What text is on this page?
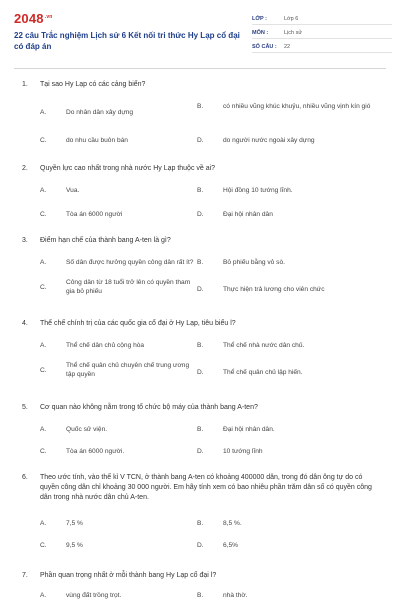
$2048^{.vn}$
22 câu Trắc nghiệm Lịch sử 6 Kết nối tri thức Hy Lạp cổ đại có đáp án
LỚP :	Lớp 6
MÔN :	Lịch sử
SỐ CÂU :	22
1.	Tại sao Hy Lạp có các cảng biển?
A.	Do nhân dân xây dựng
B.	có nhiều vũng khúc khuỷu, nhiều vũng vịnh kín gió
C.	do nhu cầu buôn bán	D.	do người nước ngoài xây dựng
2.	Quyền lực cao nhất trong nhà nước Hy Lạp thuộc về ai?
A.	Vua.	B.	Hội đồng 10 tướng lĩnh.
C.	Tòa án 6000 người	D.	Đại hội nhân dân
3.	Điểm hạn chế của thành bang A-ten là gì?
A.	Số dân được hưởng quyền công dân rất ít? B.	Bỏ phiếu bằng vỏ sò.
C.
Công dân từ 18 tuổi trở lên có quyền tham gia bỏ phiếu	D.	Thực hiện trả lương cho viên chức
4.	Thể chế chính trị của các quốc gia cổ đại ở Hy Lạp, tiêu biểu l?
A.	Thể chế dân chủ cộng hòa	B.	Thể chế nhà nước dân chủ.
C.
Thể chế quân chủ chuyên chế trung ương tập quyền	D.	Thể chế quân chủ lập hiến.
5.	Cơ quan nào không nằm trong tổ chức bộ máy của thành bang A-ten?
A.	Quốc sử viện.	B.	Đại hội nhân dân.
C.	Tòa án 6000 người.	D.	10 tướng lĩnh
6.	Theo ước tính, vào thế kỉ V TCN, ở thành bang A-ten có khoảng 400000 dân, trong đó dân ông tự do có quyền công dân chỉ khoảng 30 000 người. Em hãy tính xem có bao nhiêu phần trăm dân số có quyền công dân trong nhà nước dân chủ A-ten.
A.	7,5 %	B.	8,5 %.
C.	9,5 %	D.	6,5%
7.	Phần quan trọng nhất ở mỗi thành bang Hy Lạp cổ đại l?
A.	vùng đất trồng trọt.	B.	nhà thờ.
